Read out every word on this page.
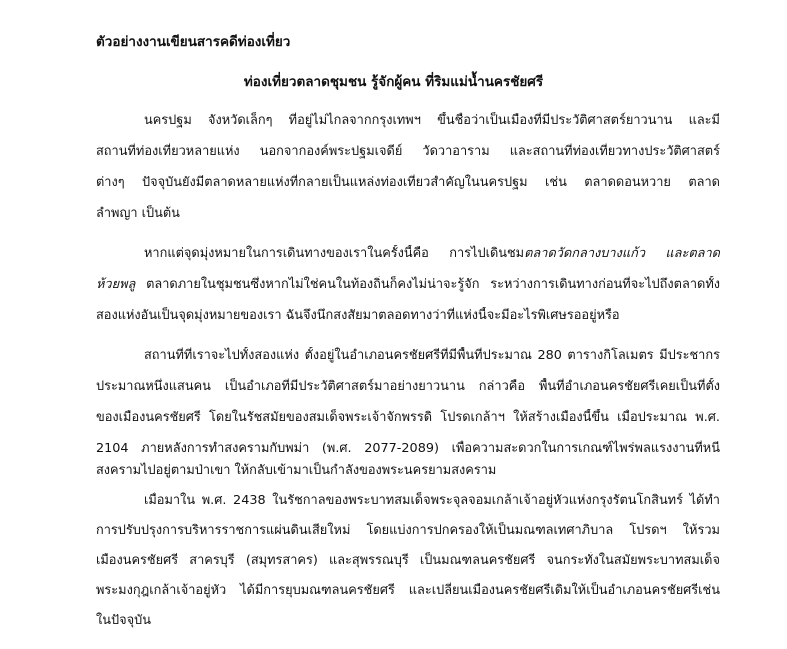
ตัวอย่างงานเขียนสารคดีท่องเที่ยว
ท่องเที่ยวตลาดชุมชน รู้จักผู้คน ที่ริมแม่น้ำนครชัยศรี
นครปฐม จังหวัดเล็กๆ ที่อยู่ไม่ไกลจากกรุงเทพฯ ขึ้นชื่อว่าเป็นเมืองที่มีประวัติศาสตร์ยาวนาน และมี
สถานที่ท่องเที่ยวหลายแห่ง นอกจากองค์พระปฐมเจดีย์ วัดวาอาราม และสถานที่ท่องเที่ยวทางประวัติศาสตร์
ต่างๆ ปัจจุบันยังมีตลาดหลายแห่งที่กลายเป็นแหล่งท่องเที่ยวสำคัญในนครปฐม เช่น ตลาดดอนหวาย ตลาด
ลำพญา เป็นต้น
หากแต่จุดมุ่งหมายในการเดินทางของเราในครั้งนี้คือ การไปเดินชมตลาดวัดกลางบางแก้ว และตลาด
ห้วยพลู ตลาดภายในชุมชนซึ่งหากไม่ใช่คนในท้องถิ่นก็คงไม่น่าจะรู้จัก ระหว่างการเดินทางก่อนที่จะไปถึงตลาดทั้ง
สองแห่งอันเป็นจุดมุ่งหมายของเรา ฉันจึงนึกสงสัยมาตลอดทางว่าที่แห่งนี้จะมีอะไรพิเศษรออยู่หรือ
สถานที่ที่เราจะไปทั้งสองแห่ง ตั้งอยู่ในอำเภอนครชัยศรีที่มีพื้นที่ประมาณ 280 ตารางกิโลเมตร มีประชากร
ประมาณหนึ่งแสนคน เป็นอำเภอที่มีประวัติศาสตร์มาอย่างยาวนาน กล่าวคือ พื้นที่อำเภอนครชัยศรีเคยเป็นที่ตั้ง
ของเมืองนครชัยศรี โดยในรัชสมัยของสมเด็จพระเจ้าจักพรรดิ โปรดเกล้าฯ ให้สร้างเมืองนี้ขึ้น เมื่อประมาณ พ.ศ.
2104 ภายหลังการทำสงครามกับพม่า (พ.ศ. 2077-2089) เพื่อความสะดวกในการเกณฑ์ไพร่พลแรงงานที่หนี
สงครามไปอยู่ตามป่าเขา ให้กลับเข้ามาเป็นกำลังของพระนครยามสงคราม
เมื่อมาใน พ.ศ. 2438 ในรัชกาลของพระบาทสมเด็จพระจุลจอมเกล้าเจ้าอยู่หัวแห่งกรุงรัตนโกสินทร์ ได้ทำ
การปรับปรุงการบริหารราชการแผ่นดินเสียใหม่ โดยแบ่งการปกครองให้เป็นมณฑลเทศาภิบาล โปรดฯ ให้รวม
เมืองนครชัยศรี สาครบุรี (สมุทรสาคร) และสุพรรณบุรี เป็นมณฑลนครชัยศรี จนกระทั่งในสมัยพระบาทสมเด็จ
พระมงกุฎเกล้าเจ้าอยู่หัว ได้มีการยุบมณฑลนครชัยศรี และเปลี่ยนเมืองนครชัยศรีเดิมให้เป็นอำเภอนครชัยศรีเช่น
ในปัจจุบัน
